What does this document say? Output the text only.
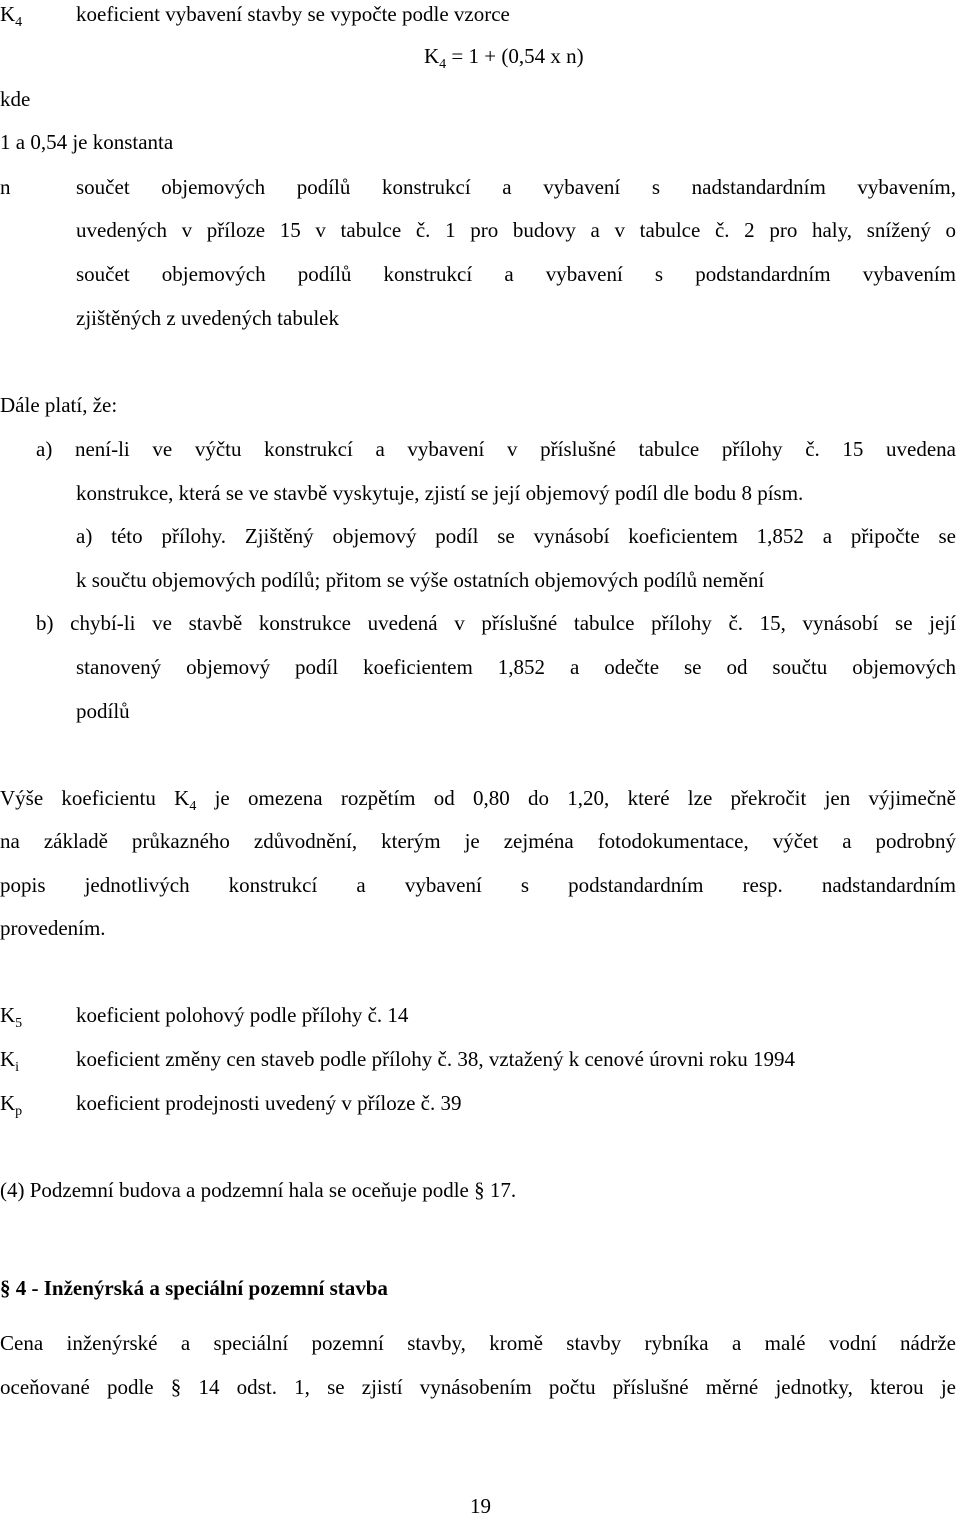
$K_4$	koeficient vybavení stavby se vypočte podle vzorce
$K_4 = 1 + (0,54$ x n)
kde
1 a 0,54 je konstanta
n	součet objemových podílů konstrukcí a vybavení s nadstandardním vybavením,
uvedených v příloze 15 v tabulce č. 1 pro budovy a v tabulce č. 2 pro haly, snížený o
součet objemových podílů konstrukcí a vybavení s podstandardním vybavením
zjištěných z uvedených tabulek
Dále platí, že:
a) není-li ve výčtu konstrukcí a vybavení v příslušné tabulce přílohy č. 15 uvedena
konstrukce, která se ve stavbě vyskytuje, zjistí se její objemový podíl dle bodu 8 písm.
a) této přílohy. Zjištěný objemový podíl se vynásobí koeficientem 1,852 a připočte se
k součtu objemových podílů; přitom se výše ostatních objemových podílů nemění
b) chybí-li ve stavbě konstrukce uvedená v příslušné tabulce přílohy č. 15, vynásobí se její
stanovený objemový podíl koeficientem 1,852 a odečte se od součtu objemových
podílů
Výše koeficientu $K_4$ je omezena rozpětím od 0,80 do 1,20, které lze překročit jen výjimečně
na základě průkazného zdůvodnění, kterým je zejména fotodokumentace, výčet a podrobný
popis jednotlivých konstrukcí a vybavení s podstandardním resp. nadstandardním
provedením.
$K_5$	koeficient polohový podle přílohy č. 14
$K_i$	koeficient změny cen staveb podle přílohy č. 38, vztažený k cenové úrovni roku 1994
$K_p$	koeficient prodejnosti uvedený v příloze č. 39
(4) Podzemní budova a podzemní hala se oceňuje podle § 17.
§ 4 - Inženýrská a speciální pozemní stavba
Cena inženýrské a speciální pozemní stavby, kromě stavby rybníka a malé vodní nádrže
oceňované podle § 14 odst. 1, se zjistí vynásobením počtu příslušné měrné jednotky, kterou je
19
